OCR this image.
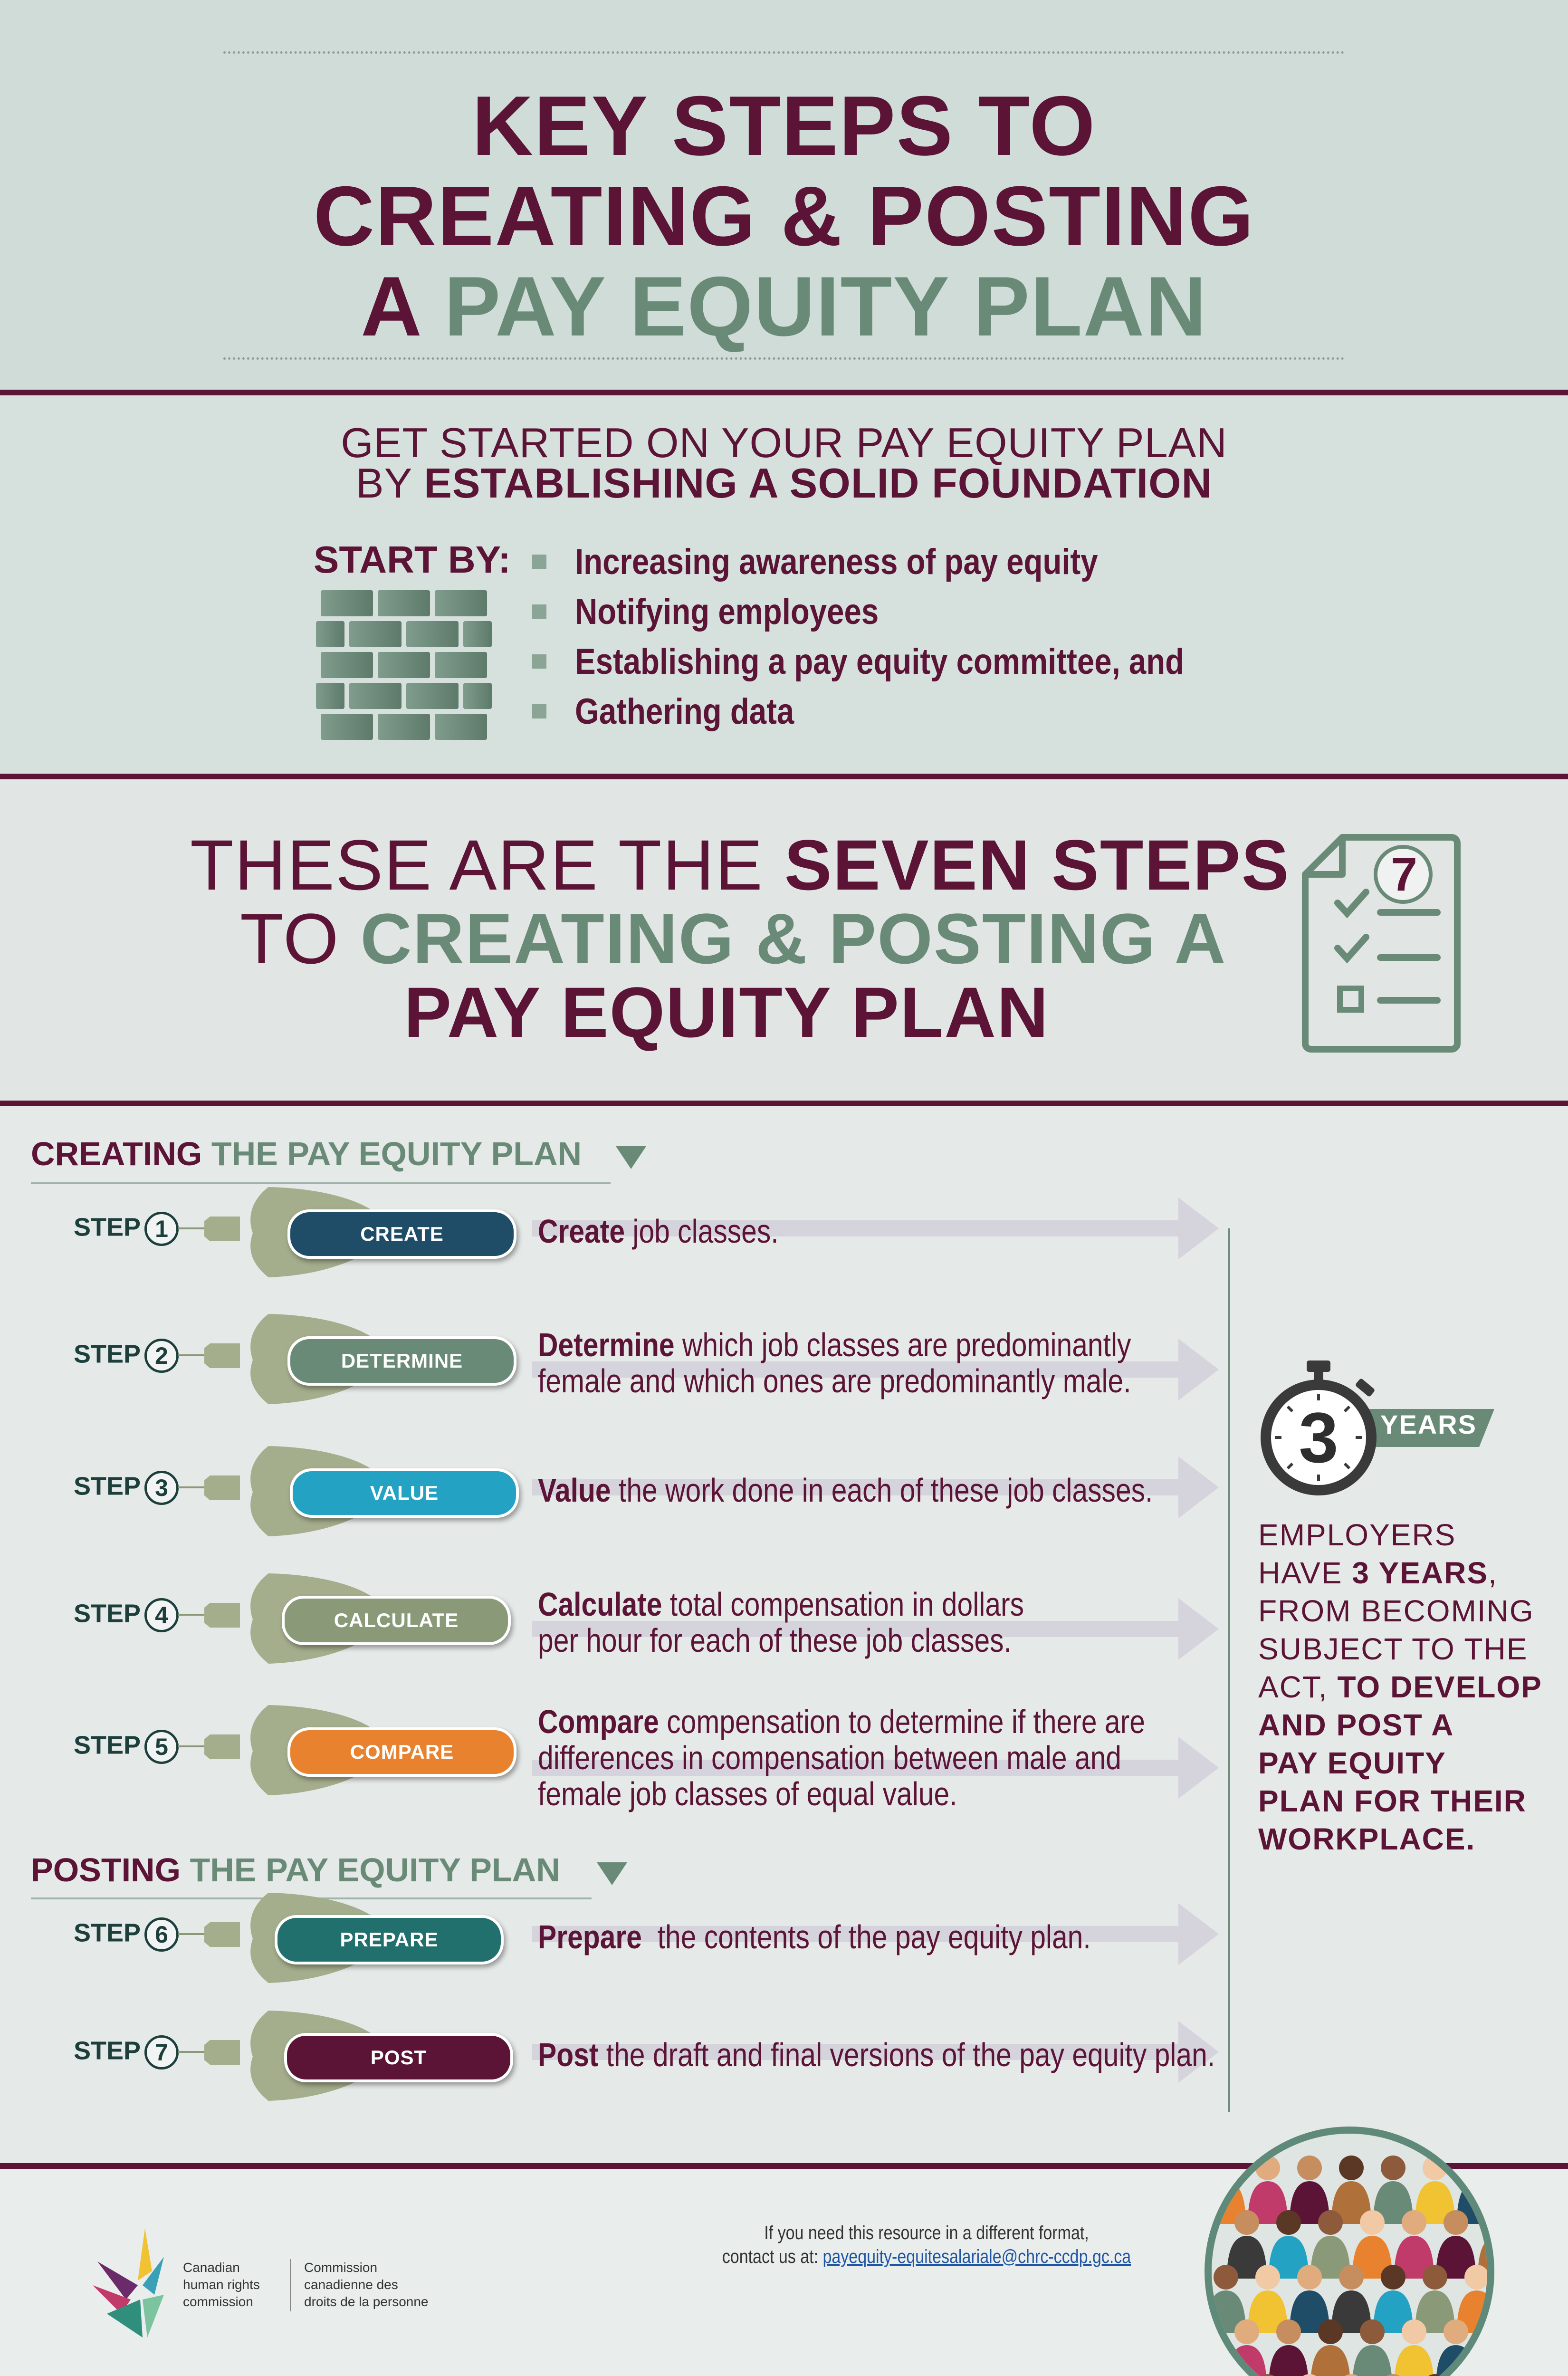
KEY STEPS TO
CREATING & POSTING
A PAY EQUITY PLAN
GET STARTED ON YOUR PAY EQUITY PLAN
BY ESTABLISHING A SOLID FOUNDATION
START BY: Increasing awareness of pay equity
Notifying employees
Establishing a pay equity committee, and
Gathering data
THESE ARE THE SEVEN STEPS
TO CREATING & POSTING A
PAY EQUITY PLAN
7
CREATING THE PAY EQUITY PLAN
POSTING THE PAY EQUITY PLAN
STEP 1	CREATE	Create job classes.
STEP 2	DETERMINE	Determine which job classes are predominantly
female and which ones are predominantly male.
STEP 3	VALUE	Value the work done in each of these job classes.
STEP 4	CALCULATE	Calculate total compensation in dollars
per hour for each of these job classes.
STEP 5	COMPARE
Compare compensation to determine if there are
differences in compensation between male and
female job classes of equal value.
STEP 6	PREPARE	Prepare  the contents of the pay equity plan.
STEP 7	POST	Post the draft and final versions of the pay equity plan.
3	YEARS
EMPLOYERS
HAVE 3 YEARS,
FROM BECOMING
SUBJECT TO THE
ACT, TO DEVELOP
AND POST A
PAY EQUITY
PLAN FOR THEIR
WORKPLACE.
Canadian
human rights
commission
Commission
canadienne des
droits de la personne
If you need this resource in a different format,
contact us at: payequity-equitesalariale@chrc-ccdp.gc.ca
